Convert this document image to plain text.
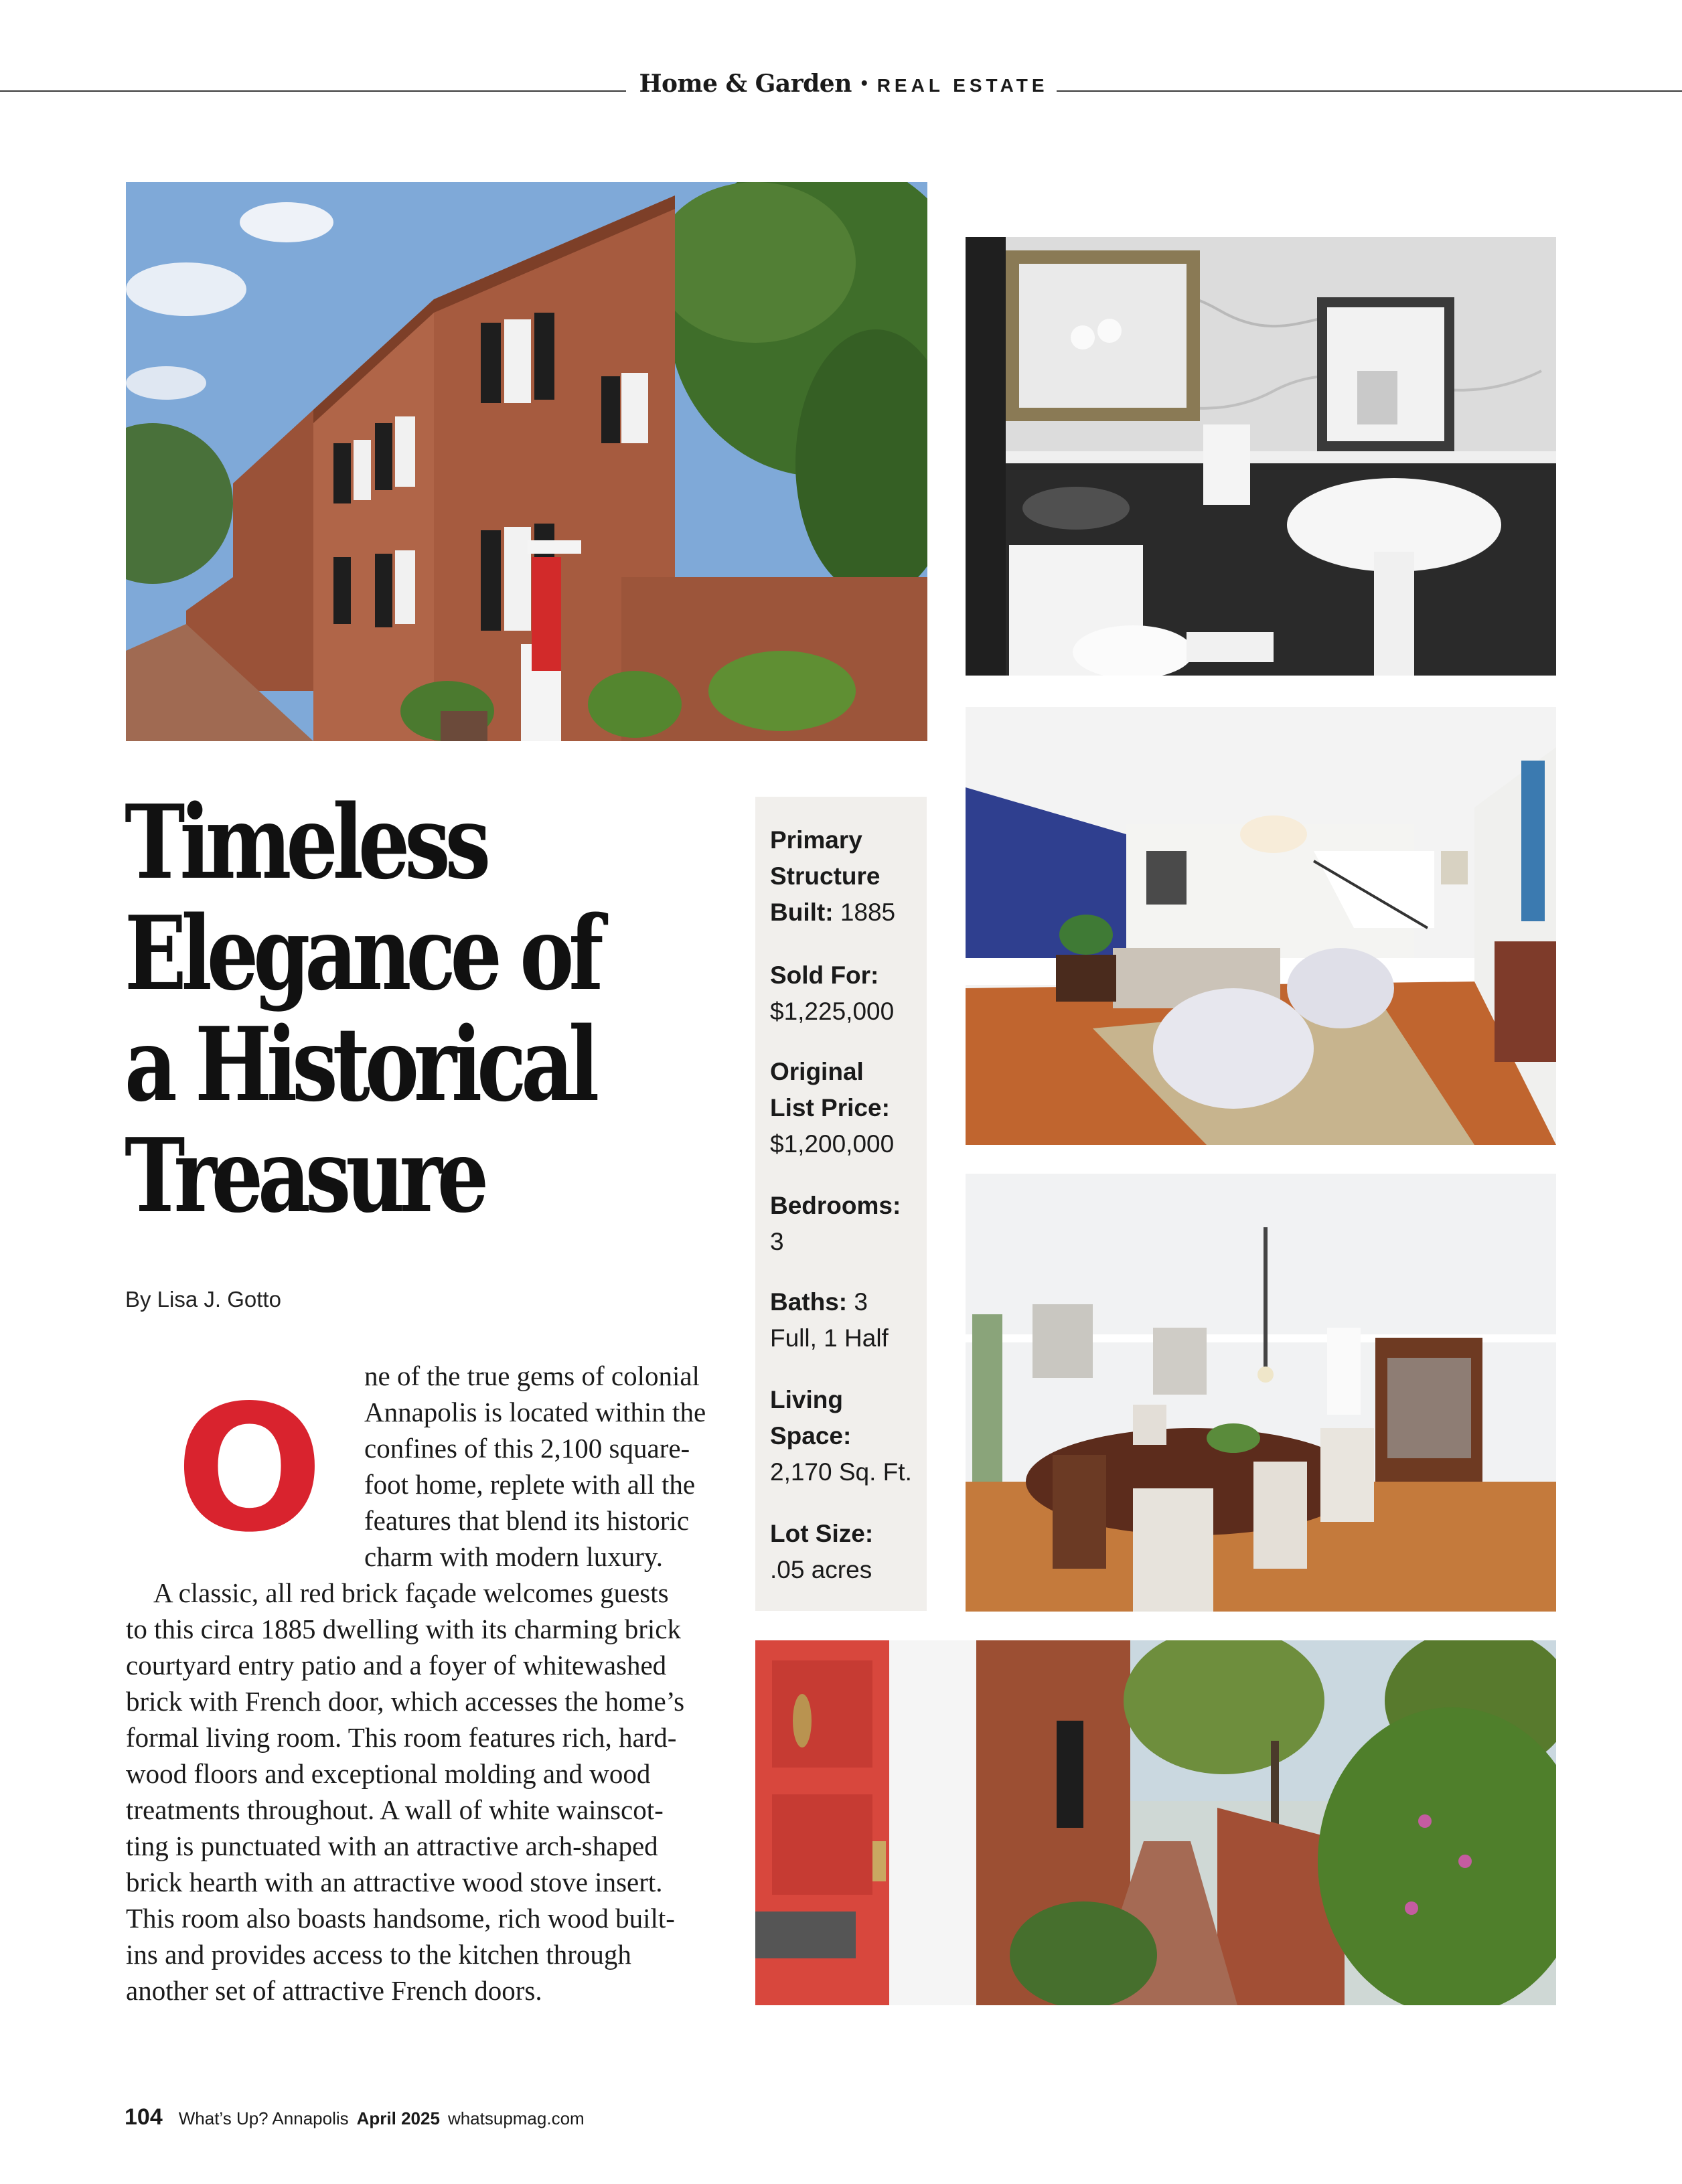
Home & Garden • REAL ESTATE
Timeless
Elegance of
a Historical
Treasure
By Lisa J. Gotto
O ne of the true gems of colonial
Annapolis is located within the
confines of this 2,100 square-
foot home, replete with all the
features that blend its historic
charm with modern luxury.
 A classic, all red brick façade welcomes guests
to this circa 1885 dwelling with its charming brick
courtyard entry patio and a foyer of whitewashed
brick with French door, which accesses the home’s
formal living room. This room features rich, hard-
wood floors and exceptional molding and wood
treatments throughout. A wall of white wainscot-
ting is punctuated with an attractive arch-shaped
brick hearth with an attractive wood stove insert.
This room also boasts handsome, rich wood built-
ins and provides access to the kitchen through
another set of attractive French doors.
Primary
Structure
Built: 1885
Sold For:
$1,225,000
Original
List Price:
$1,200,000
Bedrooms:
3
Baths: 3
Full, 1 Half
Living
Space:
2,170 Sq. Ft.
Lot Size:
.05 acres
104 What’s Up? Annapolis April 2025 whatsupmag.com
